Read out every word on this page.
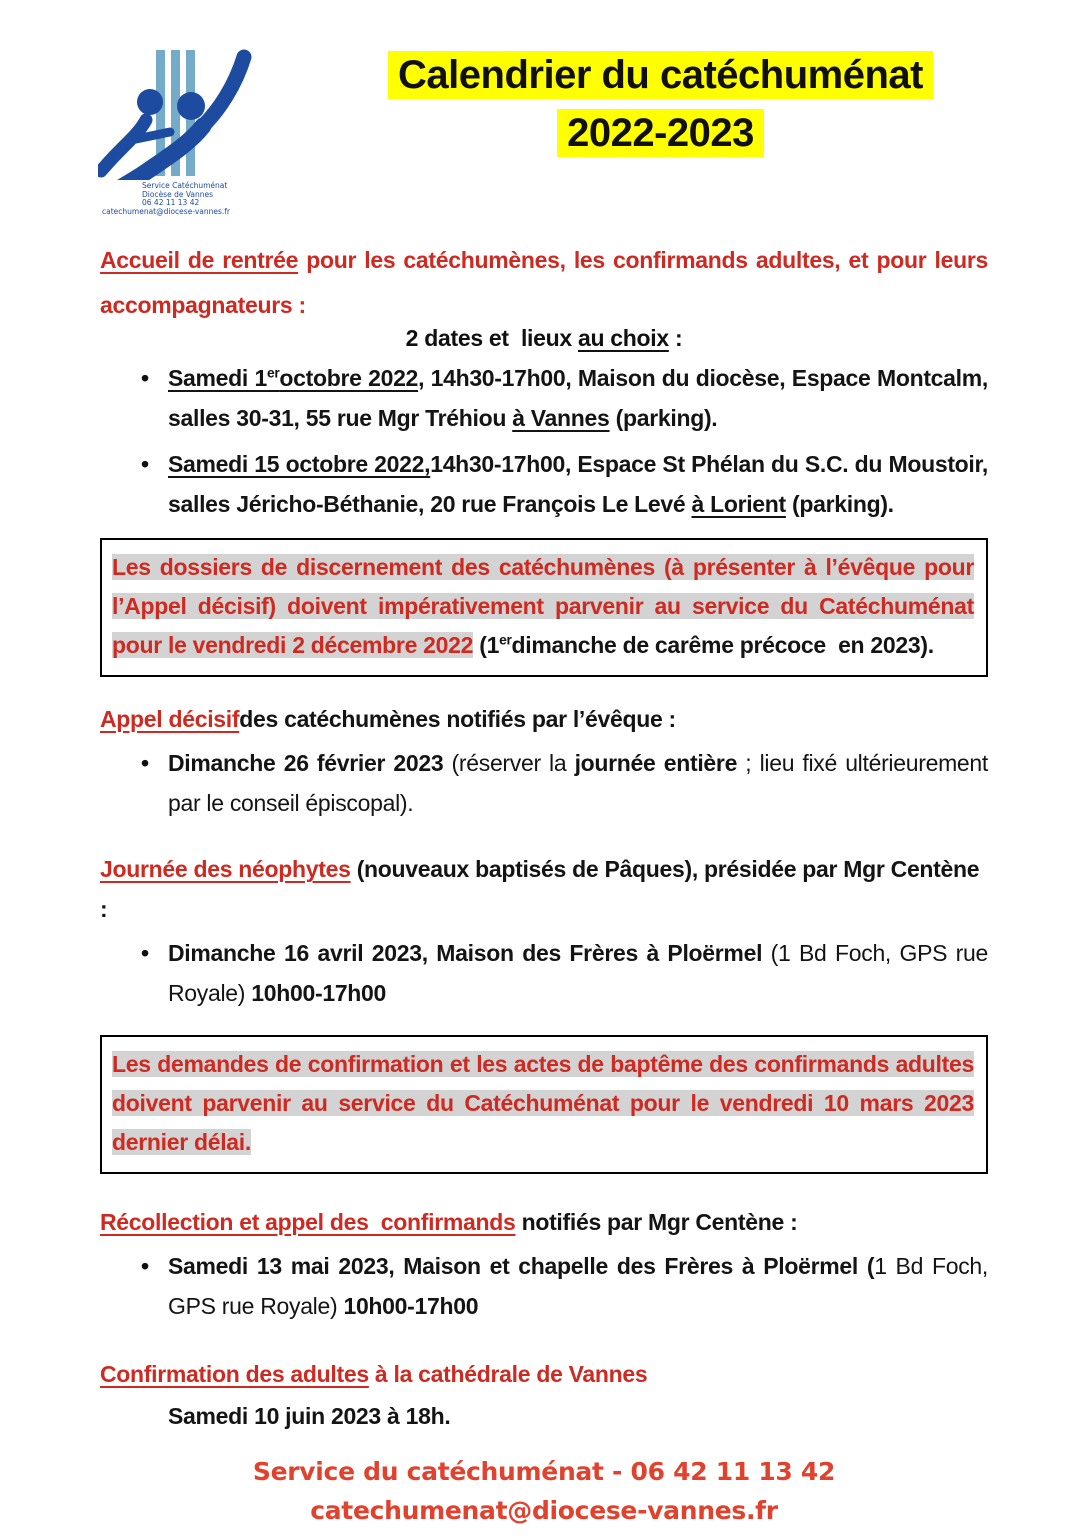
Service Catéchuménat
Diocèse de Vannes
06 42 11 13 42
catechumenat@diocese-vannes.fr
Calendrier du catéchuménat
2022-2023

Accueil de rentrée pour les catéchumènes, les confirmands adultes, et pour leurs accompagnateurs :

2 dates et  lieux au choix :

• Samedi 1eroctobre 2022, 14h30-17h00, Maison du diocèse, Espace Montcalm, salles 30-31, 55 rue Mgr Tréhiou à Vannes (parking).

• Samedi 15 octobre 2022,14h30-17h00, Espace St Phélan du S.C. du Moustoir, salles Jéricho-Béthanie, 20 rue François Le Levé à Lorient (parking).

Les dossiers de discernement des catéchumènes (à présenter à l’évêque pour l’Appel décisif) doivent impérativement parvenir au service du Catéchuménat pour le vendredi 2 décembre 2022 (1erdimanche de carême précoce  en 2023).

Appel décisifdes catéchumènes notifiés par l’évêque :

• Dimanche 26 février 2023 (réserver la journée entière ; lieu fixé ultérieurement par le conseil épiscopal).

Journée des néophytes (nouveaux baptisés de Pâques), présidée par Mgr Centène :

• Dimanche 16 avril 2023, Maison des Frères à Ploërmel (1 Bd Foch, GPS rue Royale) 10h00-17h00

Les demandes de confirmation et les actes de baptême des confirmands adultes doivent parvenir au service du Catéchuménat pour le vendredi 10 mars 2023 dernier délai.

Récollection et appel des  confirmands notifiés par Mgr Centène :

• Samedi 13 mai 2023, Maison et chapelle des Frères à Ploërmel (1 Bd Foch, GPS rue Royale) 10h00-17h00

Confirmation des adultes à la cathédrale de Vannes

Samedi 10 juin 2023 à 18h.

Service du catéchuménat - 06 42 11 13 42
catechumenat@diocese-vannes.fr
